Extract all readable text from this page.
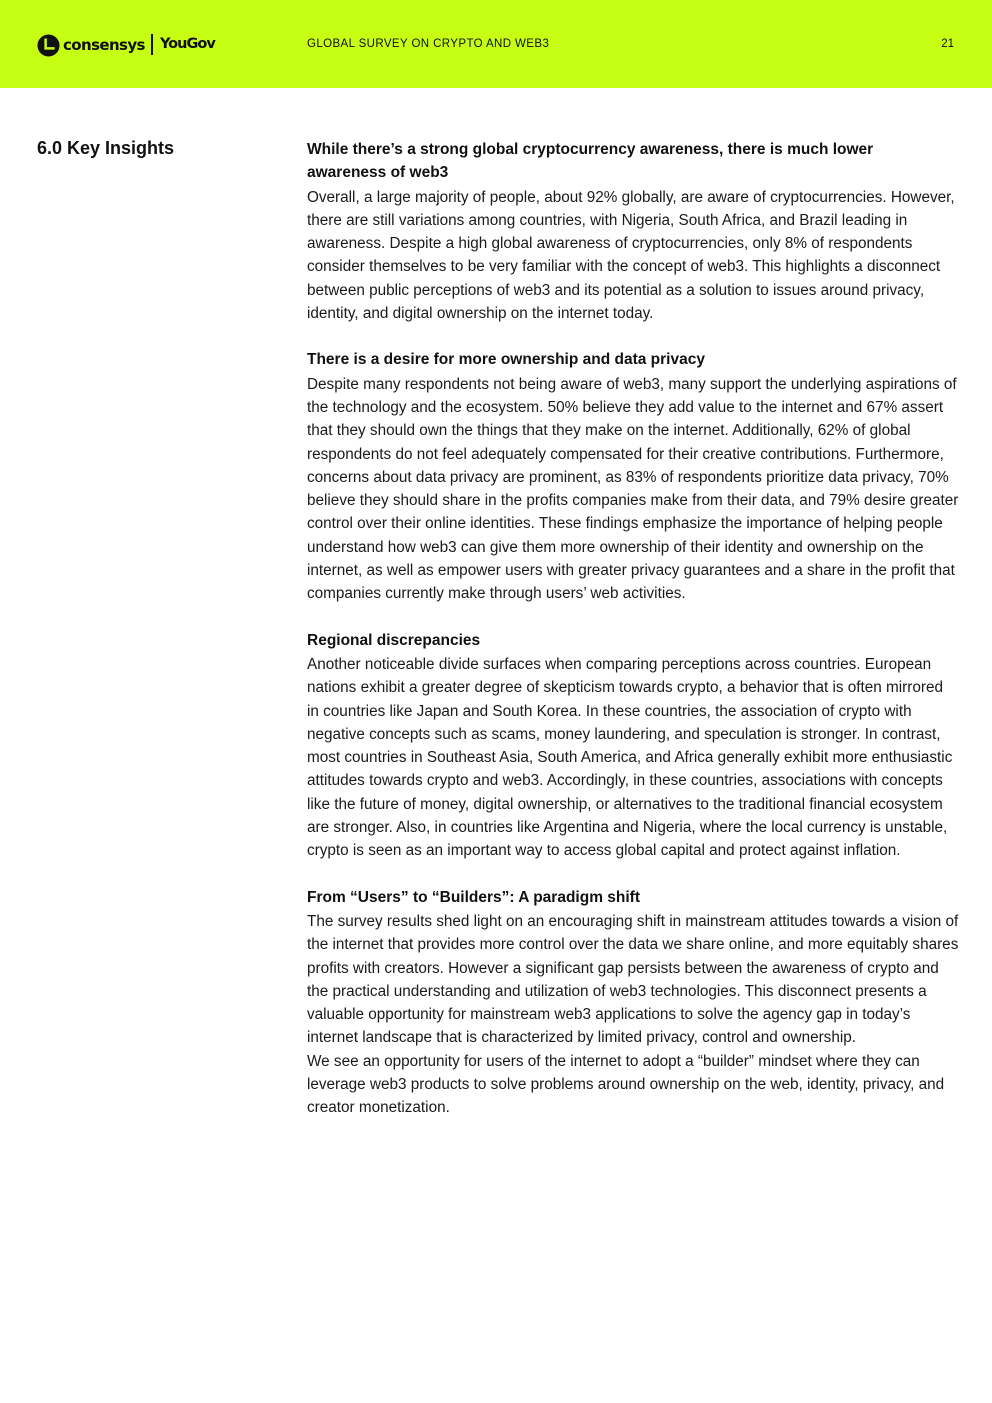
consensys YouGov	GLOBAL SURVEY ON CRYPTO AND WEB3	21
6.0 Key Insights	While there’s a strong global cryptocurrency awareness, there is much lower awareness of web3

Overall, a large majority of people, about 92% globally, are aware of cryptocurrencies. However, there are still variations among countries, with Nigeria, South Africa, and Brazil leading in awareness. Despite a high global awareness of cryptocurrencies, only 8% of respondents consider themselves to be very familiar with the concept of web3. This highlights a disconnect between public perceptions of web3 and its potential as a solution to issues around privacy, identity, and digital ownership on the internet today.

There is a desire for more ownership and data privacy

Despite many respondents not being aware of web3, many support the underlying aspirations of the technology and the ecosystem. 50% believe they add value to the internet and 67% assert that they should own the things that they make on the internet. Additionally, 62% of global respondents do not feel adequately compensated for their creative contributions. Furthermore, concerns about data privacy are prominent, as 83% of respondents prioritize data privacy, 70% believe they should share in the profits companies make from their data, and 79% desire greater control over their online identities. These findings emphasize the importance of helping people understand how web3 can give them more ownership of their identity and ownership on the internet, as well as empower users with greater privacy guarantees and a share in the profit that companies currently make through users’ web activities.

Regional discrepancies

Another noticeable divide surfaces when comparing perceptions across countries. European nations exhibit a greater degree of skepticism towards crypto, a behavior that is often mirrored in countries like Japan and South Korea. In these countries, the association of crypto with negative concepts such as scams, money laundering, and speculation is stronger. In contrast, most countries in Southeast Asia, South America, and Africa generally exhibit more enthusiastic attitudes towards crypto and web3. Accordingly, in these countries, associations with concepts like the future of money, digital ownership, or alternatives to the traditional financial ecosystem are stronger. Also, in countries like Argentina and Nigeria, where the local currency is unstable, crypto is seen as an important way to access global capital and protect against inflation.

From “Users” to “Builders”: A paradigm shift

The survey results shed light on an encouraging shift in mainstream attitudes towards a vision of the internet that provides more control over the data we share online, and more equitably shares profits with creators. However a significant gap persists between the awareness of crypto and the practical understanding and utilization of web3 technologies. This disconnect presents a valuable opportunity for mainstream web3 applications to solve the agency gap in today’s internet landscape that is characterized by limited privacy, control and ownership.

We see an opportunity for users of the internet to adopt a “builder” mindset where they can leverage web3 products to solve problems around ownership on the web, identity, privacy, and creator monetization.
